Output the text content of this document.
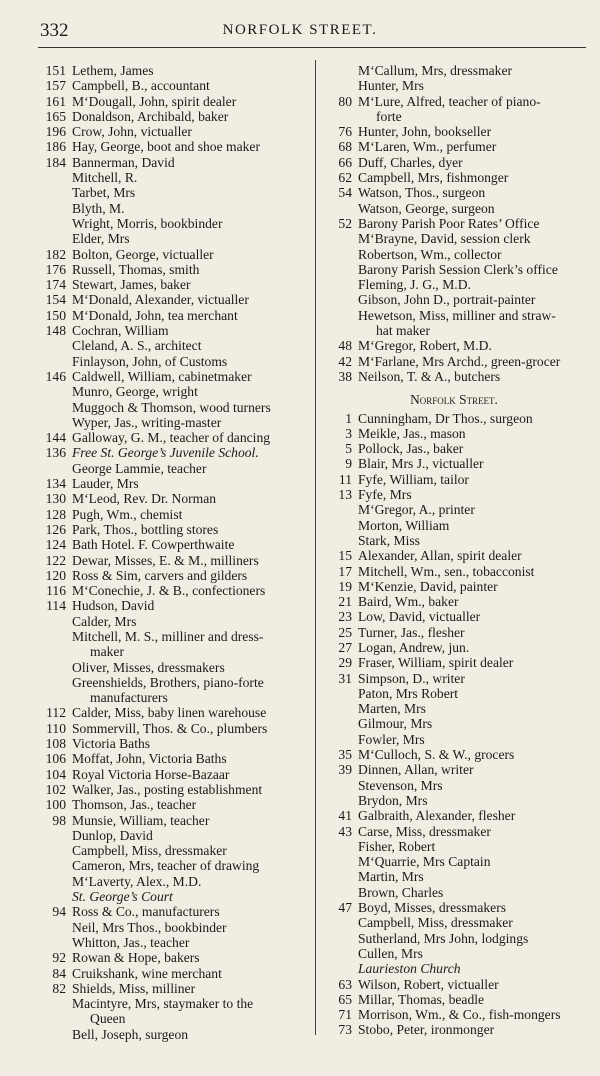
332	NORFOLK STREET.
151 Lethem, James
157 Campbell, B., accountant
161 M‘Dougall, John, spirit dealer
165 Donaldson, Archibald, baker
196 Crow, John, victualler
186 Hay, George, boot and shoe maker
184 Bannerman, David
Mitchell, R.
Tarbet, Mrs
Blyth, M.
Wright, Morris, bookbinder
Elder, Mrs
182 Bolton, George, victualler
176 Russell, Thomas, smith
174 Stewart, James, baker
154 M‘Donald, Alexander, victualler
150 M‘Donald, John, tea merchant
148 Cochran, William
Cleland, A. S., architect
Finlayson, John, of Customs
146 Caldwell, William, cabinetmaker
Munro, George, wright
Muggoch & Thomson, wood turners
Wyper, Jas., writing-master
144 Galloway, G. M., teacher of dancing
136 Free St. George’s Juvenile School.
George Lammie, teacher
134 Lauder, Mrs
130 M‘Leod, Rev. Dr. Norman
128 Pugh, Wm., chemist
126 Park, Thos., bottling stores
124 Bath Hotel. F. Cowperthwaite
122 Dewar, Misses, E. & M., milliners
120 Ross & Sim, carvers and gilders
116 M‘Conechie, J. & B., confectioners
114 Hudson, David
Calder, Mrs
Mitchell, M. S., milliner and dress-
maker
Oliver, Misses, dressmakers
Greenshields, Brothers, piano-forte
manufacturers
112 Calder, Miss, baby linen warehouse
110 Sommervill, Thos. & Co., plumbers
108 Victoria Baths
106 Moffat, John, Victoria Baths
104 Royal Victoria Horse-Bazaar
102 Walker, Jas., posting establishment
100 Thomson, Jas., teacher
98 Munsie, William, teacher
Dunlop, David
Campbell, Miss, dressmaker
Cameron, Mrs, teacher of drawing
M‘Laverty, Alex., M.D.
St. George’s Court
94 Ross & Co., manufacturers
Neil, Mrs Thos., bookbinder
Whitton, Jas., teacher
92 Rowan & Hope, bakers
84 Cruikshank, wine merchant
82 Shields, Miss, milliner
Macintyre, Mrs, staymaker to the
Queen
Bell, Joseph, surgeon
M‘Callum, Mrs, dressmaker
Hunter, Mrs
80 M‘Lure, Alfred, teacher of piano-
forte
76 Hunter, John, bookseller
68 M‘Laren, Wm., perfumer
66 Duff, Charles, dyer
62 Campbell, Mrs, fishmonger
54 Watson, Thos., surgeon
Watson, George, surgeon
52 Barony Parish Poor Rates’ Office
M‘Brayne, David, session clerk
Robertson, Wm., collector
Barony Parish Session Clerk’s office
Fleming, J. G., M.D.
Gibson, John D., portrait-painter
Hewetson, Miss, milliner and straw-
hat maker
48 M‘Gregor, Robert, M.D.
42 M‘Farlane, Mrs Archd., green-grocer
38 Neilson, T. & A., butchers
Norfolk Street.
1 Cunningham, Dr Thos., surgeon
3 Meikle, Jas., mason
5 Pollock, Jas., baker
9 Blair, Mrs J., victualler
11 Fyfe, William, tailor
13 Fyfe, Mrs
M‘Gregor, A., printer
Morton, William
Stark, Miss
15 Alexander, Allan, spirit dealer
17 Mitchell, Wm., sen., tobacconist
19 M‘Kenzie, David, painter
21 Baird, Wm., baker
23 Low, David, victualler
25 Turner, Jas., flesher
27 Logan, Andrew, jun.
29 Fraser, William, spirit dealer
31 Simpson, D., writer
Paton, Mrs Robert
Marten, Mrs
Gilmour, Mrs
Fowler, Mrs
35 M‘Culloch, S. & W., grocers
39 Dinnen, Allan, writer
Stevenson, Mrs
Brydon, Mrs
41 Galbraith, Alexander, flesher
43 Carse, Miss, dressmaker
Fisher, Robert
M‘Quarrie, Mrs Captain
Martin, Mrs
Brown, Charles
47 Boyd, Misses, dressmakers
Campbell, Miss, dressmaker
Sutherland, Mrs John, lodgings
Cullen, Mrs
Laurieston Church
63 Wilson, Robert, victualler
65 Millar, Thomas, beadle
71 Morrison, Wm., & Co., fish-mongers
73 Stobo, Peter, ironmonger
